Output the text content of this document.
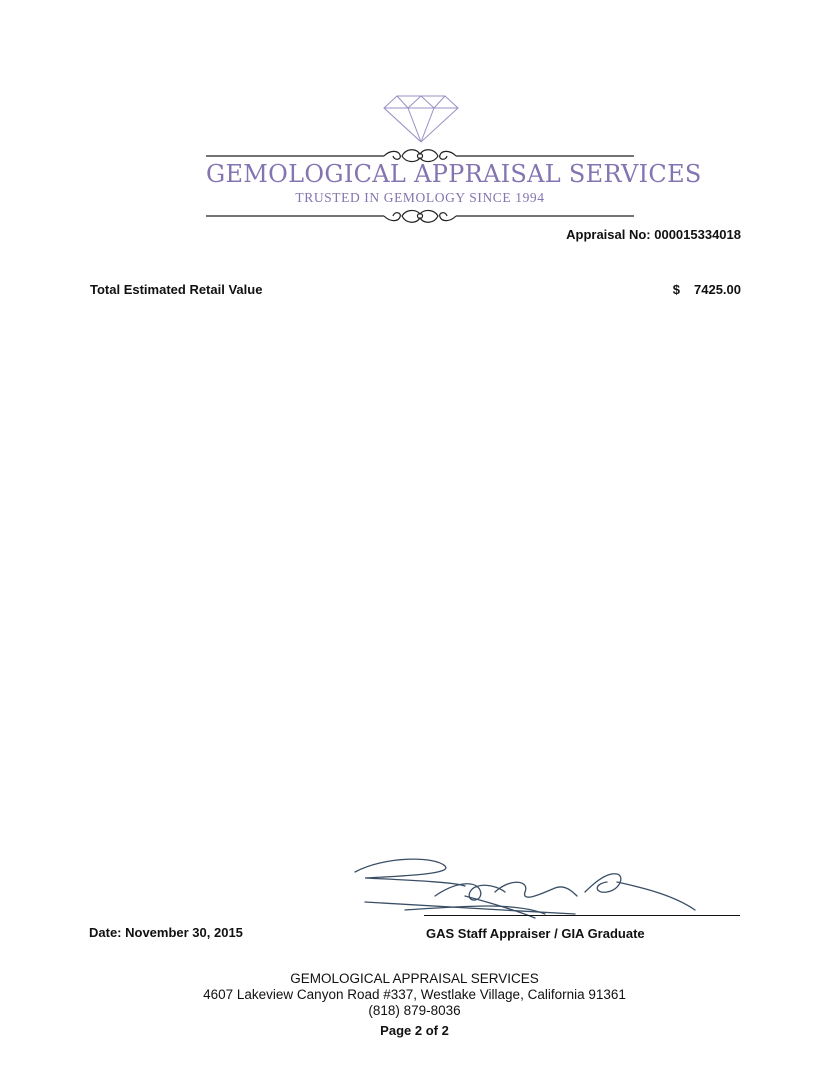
GEMOLOGICAL APPRAISAL SERVICES
TRUSTED IN GEMOLOGY SINCE 1994
Appraisal No: 000015334018
Total Estimated Retail Value	$ 7425.00
Date: November 30, 2015	GAS Staff Appraiser / GIA Graduate
GEMOLOGICAL APPRAISAL SERVICES
4607 Lakeview Canyon Road #337, Westlake Village, California 91361
(818) 879-8036
Page 2 of 2
